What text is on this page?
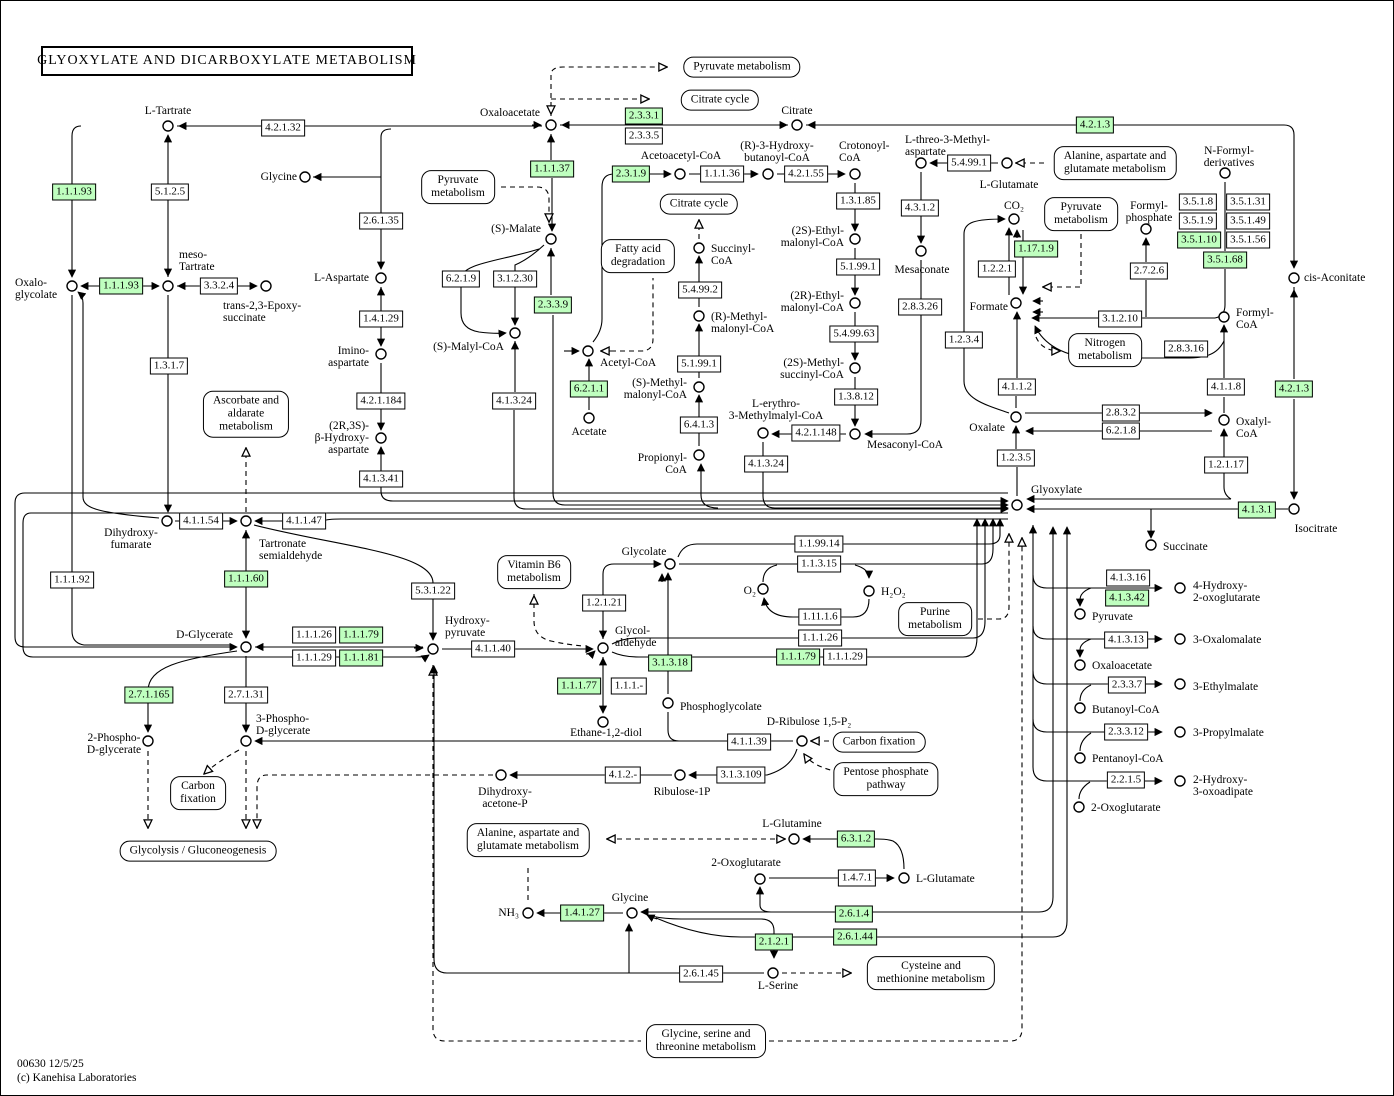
GLYOXYLATE AND DICARBOXYLATE METABOLISM
00630 12/5/25
(c) Kanehisa Laboratories
4.2.1.32
1.1.1.93	5.1.2.5
1.1.1.93	3.3.2.4
1.3.1.7
2.6.1.35
1.4.1.29
4.2.1.184
4.1.3.41
2.3.3.1
2.3.3.5
1.1.1.37	2.3.1.9	1.1.1.36	4.2.1.55
1.3.1.85
5.1.99.1
5.4.99.63
1.3.8.12
6.2.1.9	3.1.2.30
2.3.3.9
4.1.3.24
6.2.1.1
5.4.99.2
5.1.99.1
6.4.1.3
4.1.3.24
4.2.1.148
5.4.99.1
4.3.1.2
2.8.3.26
4.2.1.3
3.5.1.8	3.5.1.31
3.5.1.9	3.5.1.49
3.5.1.10	3.5.1.56
3.5.1.68
1.17.1.9
1.2.2.1	2.7.2.6
3.1.2.10
2.8.3.16
1.2.3.4
4.1.1.2	4.1.1.8	4.2.1.3
2.8.3.2
6.2.1.8
1.2.3.5
1.2.1.17
4.1.3.1
4.1.1.54	4.1.1.47
1.1.1.92	1.1.1.60
5.3.1.22
1.1.99.14
1.1.3.15
1.2.1.21
1.11.1.6
1.1.1.26
1.1.1.26	1.1.1.79
1.1.1.29	1.1.1.81
4.1.1.40
1.1.1.79	1.1.1.29
3.1.3.18
1.1.1.77	1.1.1.-
2.7.1.165	2.7.1.31
4.1.1.39
4.1.2.-	3.1.3.109
4.1.3.16
4.1.3.42
4.1.3.13
2.3.3.7
2.3.3.12
2.2.1.5
6.3.1.2
1.4.7.1
2.6.1.4
2.6.1.44
2.1.2.1
1.4.1.27
2.6.1.45
Pyruvate metabolism
Citrate cycle
Pyruvate
metabolism
Citrate cycle
Fatty acid
degradation
Alanine, aspartate and
glutamate metabolism
Pyruvate
metabolism
Nitrogen
metabolism
Ascorbate and
aldarate
metabolism
Vitamin B6
metabolism
Purine
metabolism
Carbon fixation
Pentose phosphate
pathway
Carbon
fixation
Glycolysis / Gluconeogenesis
Alanine, aspartate and
glutamate metabolism
Cysteine and
methionine metabolism
Glycine, serine and
threonine metabolism
L-Tartrate	Oxaloacetate	Citrate
Glycine
Acetoacetyl-CoA
(R)-3-Hydroxy-
butanoyl-CoA
Crotonoyl-
CoA
L-threo-3-Methyl-
aspartate
L-Glutamate
N-Formyl-
derivatives
CO₂	Formyl-
phosphate
cis-Aconitate
Mesaconate
(2S)-Ethyl-
malonyl-CoA
(2R)-Ethyl-
malonyl-CoA
(2S)-Methyl-
succinyl-CoA
Mesaconyl-CoA
L-erythro-
3-Methylmalyl-CoA
Succinyl-
CoA
(R)-Methyl-
malonyl-CoA
(S)-Methyl-
malonyl-CoA
Propionyl-
CoA
(S)-Malate
(S)-Malyl-CoA
Acetyl-CoA
Acetate
meso-
Tartrate
Oxalo-
glycolate
trans-2,3-Epoxy-
succinate
L-Aspartate
Imino-
aspartate
(2R,3S)-
β-Hydroxy-
aspartate
Dihydroxy-
fumarate	Tartronate
semialdehyde
Glyoxylate
Oxalate
Oxalyl-
CoA
Formate	Formyl-
CoA
Isocitrate
Succinate
Glycolate
O₂	H₂O₂
Glycol-
aldehyde
Hydroxy-
pyruvate
D-Glycerate
Phosphoglycolate
Ethane-1,2-diol
D-Ribulose 1,5-P₂
Ribulose-1P
Dihydroxy-
acetone-P
2-Phospho-
D-glycerate
3-Phospho-
D-glycerate
4-Hydroxy-
2-oxoglutarate
Pyruvate
3-Oxalomalate
Oxaloacetate
3-Ethylmalate
Butanoyl-CoA
3-Propylmalate
Pentanoyl-CoA
2-Hydroxy-
3-oxoadipate
2-Oxoglutarate
L-Glutamine
2-Oxoglutarate
L-Glutamate
Glycine
NH₃
L-Serine
